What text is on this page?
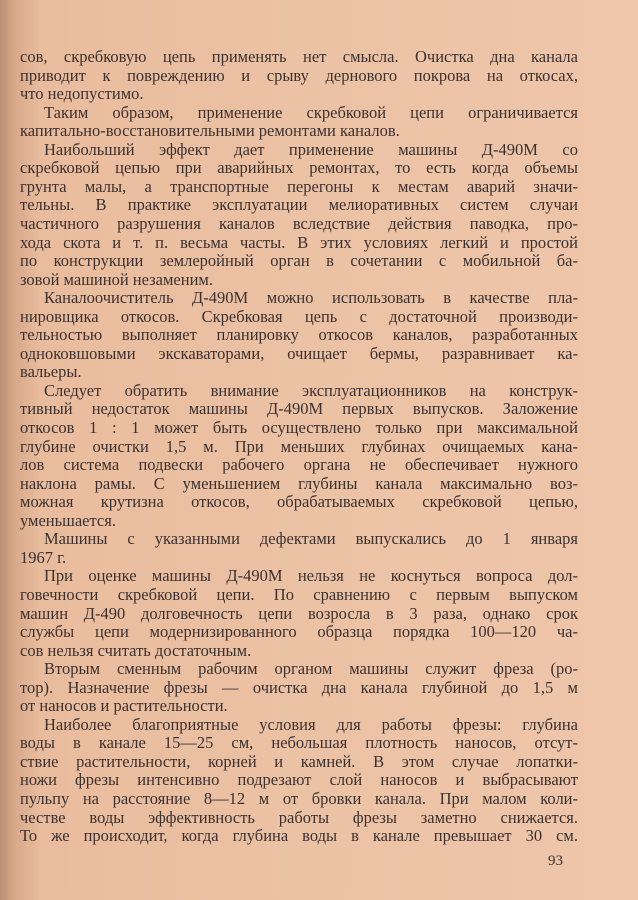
93
сов, скребковую цепь применять нет смысла. Очистка дна канала
приводит к повреждению и срыву дернового покрова на откосах,
что недопустимо.
Таким образом, применение скребковой цепи ограничивается
капитально-восстановительными ремонтами каналов.
Наибольший эффект дает применение машины Д-490М со
скребковой цепью при аварийных ремонтах, то есть когда объемы
грунта малы, а транспортные перегоны к местам аварий значи-
тельны. В практике эксплуатации мелиоративных систем случаи
частичного разрушения каналов вследствие действия паводка, про-
хода скота и т. п. весьма часты. В этих условиях легкий и простой
по конструкции землеройный орган в сочетании с мобильной ба-
зовой машиной незаменим.
Каналоочиститель Д-490М можно использовать в качестве пла-
нировщика откосов. Скребковая цепь с достаточной производи-
тельностью выполняет планировку откосов каналов, разработанных
одноковшовыми экскаваторами, очищает бермы, разравнивает ка-
вальеры.
Следует обратить внимание эксплуатационников на конструк-
тивный недостаток машины Д-490М первых выпусков. Заложение
откосов 1 : 1 может быть осуществлено только при максимальной
глубине очистки 1,5 м. При меньших глубинах очищаемых кана-
лов система подвески рабочего органа не обеспечивает нужного
наклона рамы. С уменьшением глубины канала максимально воз-
можная крутизна откосов, обрабатываемых скребковой цепью,
уменьшается.
Машины с указанными дефектами выпускались до 1 января
1967 г.
При оценке машины Д-490М нельзя не коснуться вопроса дол-
говечности скребковой цепи. По сравнению с первым выпуском
машин Д-490 долговечность цепи возросла в 3 раза, однако срок
службы цепи модернизированного образца порядка 100—120 ча-
сов нельзя считать достаточным.
Вторым сменным рабочим органом машины служит фреза (ро-
тор). Назначение фрезы — очистка дна канала глубиной до 1,5 м
от наносов и растительности.
Наиболее благоприятные условия для работы фрезы: глубина
воды в канале 15—25 см, небольшая плотность наносов, отсут-
ствие растительности, корней и камней. В этом случае лопатки-
ножи фрезы интенсивно подрезают слой наносов и выбрасывают
пульпу на расстояние 8—12 м от бровки канала. При малом коли-
честве воды эффективность работы фрезы заметно снижается.
То же происходит, когда глубина воды в канале превышает 30 см.
